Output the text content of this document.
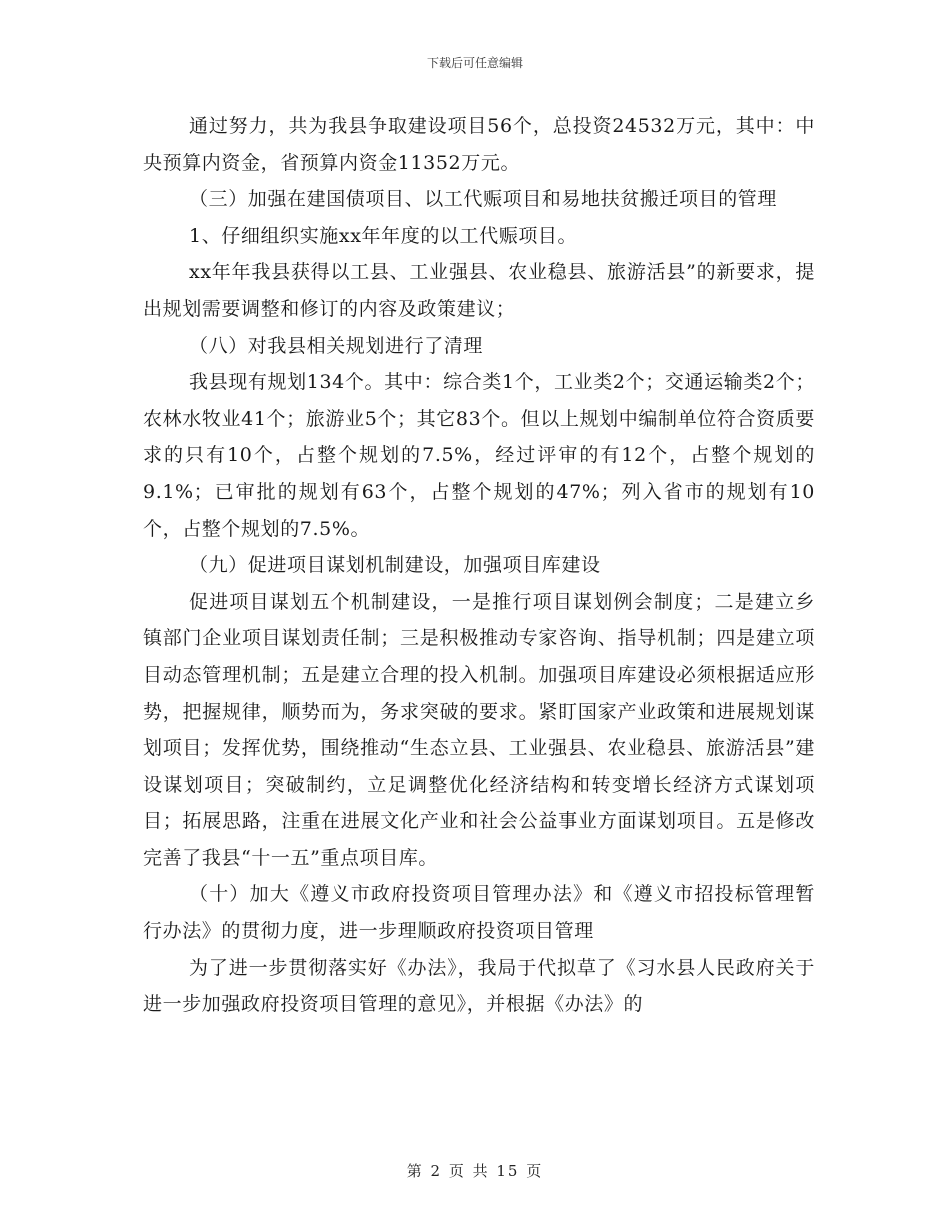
下载后可任意编辑

通过努力，共为我县争取建设项目56个，总投资24532万元，其中：中央预算内资金，省预算内资金11352万元。

（三）加强在建国债项目、以工代赈项目和易地扶贫搬迁项目的管理

1、仔细组织实施xx年年度的以工代赈项目。

xx年年我县获得以工县、工业强县、农业稳县、旅游活县”的新要求，提出规划需要调整和修订的内容及政策建议；

（八）对我县相关规划进行了清理

我县现有规划134个。其中：综合类1个，工业类2个；交通运输类2个；农林水牧业41个；旅游业5个；其它83个。但以上规划中编制单位符合资质要求的只有10个，占整个规划的7.5%，经过评审的有12个，占整个规划的9.1%；已审批的规划有63个，占整个规划的47%；列入省市的规划有10个，占整个规划的7.5%。

（九）促进项目谋划机制建设，加强项目库建设

促进项目谋划五个机制建设，一是推行项目谋划例会制度；二是建立乡镇部门企业项目谋划责任制；三是积极推动专家咨询、指导机制；四是建立项目动态管理机制；五是建立合理的投入机制。加强项目库建设必须根据适应形势，把握规律，顺势而为，务求突破的要求。紧盯国家产业政策和进展规划谋划项目；发挥优势，围绕推动“生态立县、工业强县、农业稳县、旅游活县”建设谋划项目；突破制约，立足调整优化经济结构和转变增长经济方式谋划项目；拓展思路，注重在进展文化产业和社会公益事业方面谋划项目。五是修改完善了我县“十一五”重点项目库。

（十）加大《遵义市政府投资项目管理办法》和《遵义市招投标管理暂行办法》的贯彻力度，进一步理顺政府投资项目管理

为了进一步贯彻落实好《办法》，我局于代拟草了《习水县人民政府关于进一步加强政府投资项目管理的意见》，并根据《办法》的

第 2 页 共 15 页
